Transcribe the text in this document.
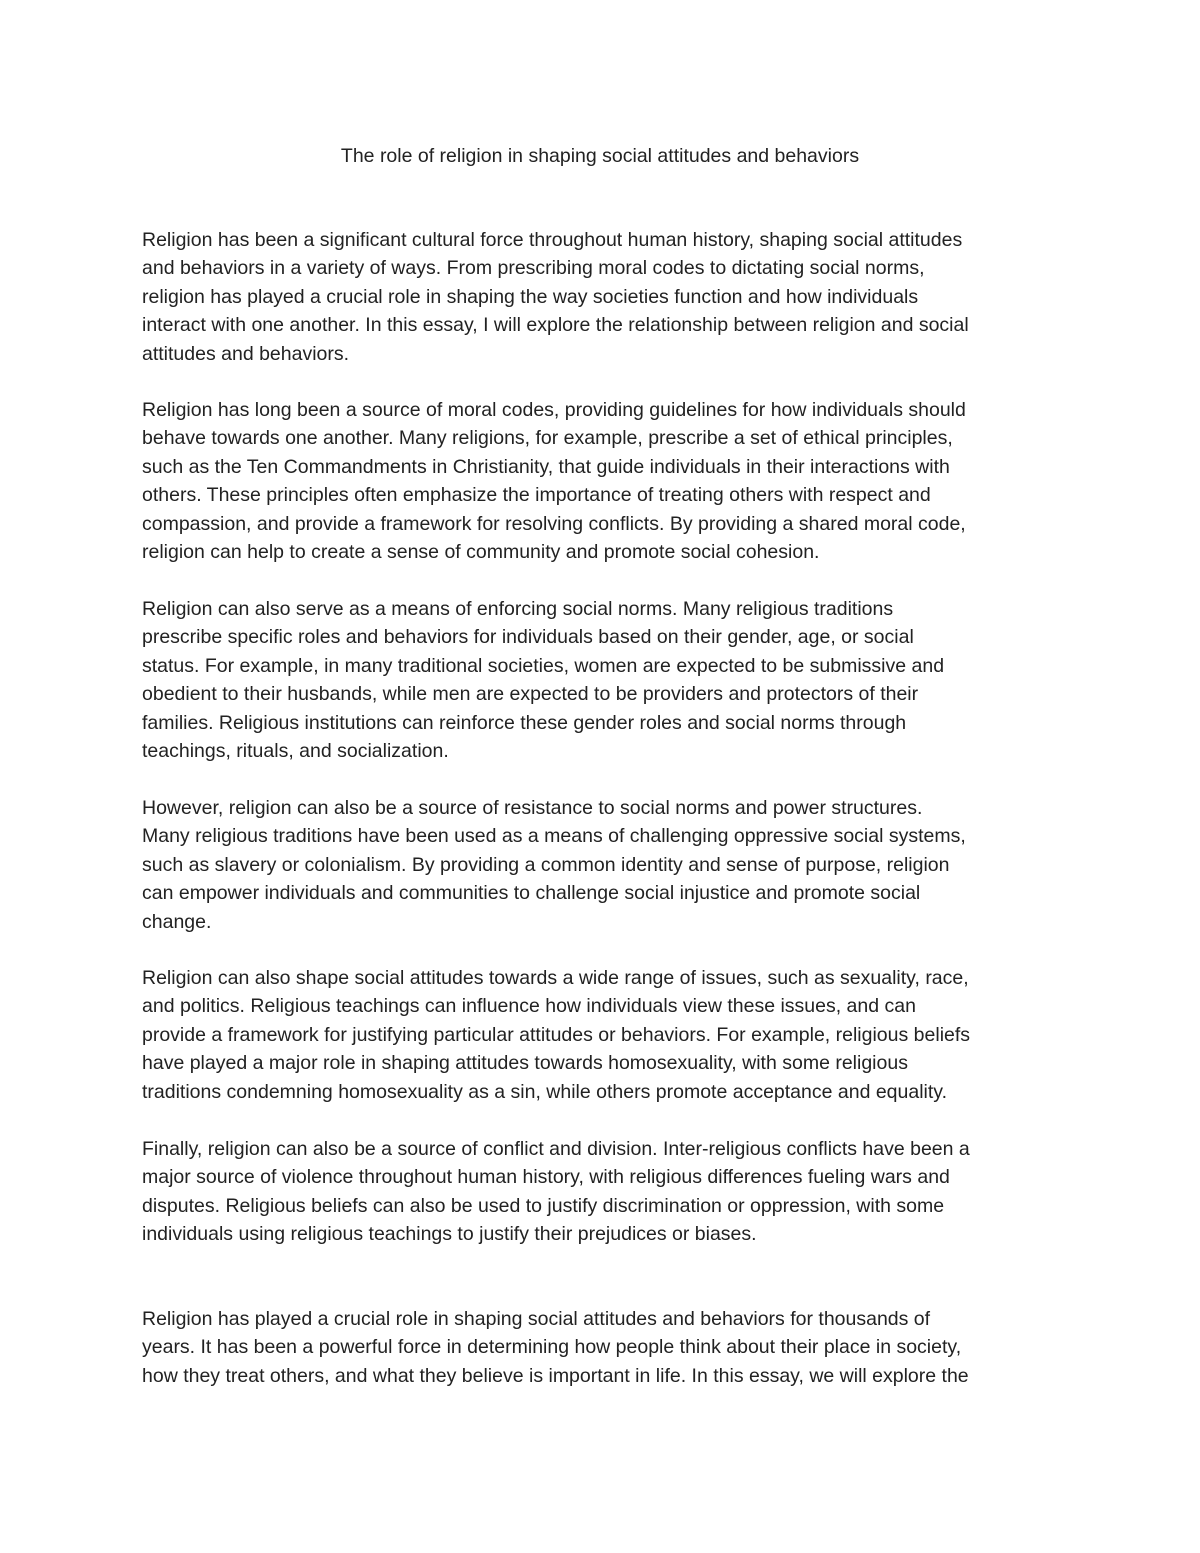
The role of religion in shaping social attitudes and behaviors

Religion has been a significant cultural force throughout human history, shaping social attitudes
and behaviors in a variety of ways. From prescribing moral codes to dictating social norms,
religion has played a crucial role in shaping the way societies function and how individuals
interact with one another. In this essay, I will explore the relationship between religion and social
attitudes and behaviors.

Religion has long been a source of moral codes, providing guidelines for how individuals should
behave towards one another. Many religions, for example, prescribe a set of ethical principles,
such as the Ten Commandments in Christianity, that guide individuals in their interactions with
others. These principles often emphasize the importance of treating others with respect and
compassion, and provide a framework for resolving conflicts. By providing a shared moral code,
religion can help to create a sense of community and promote social cohesion.

Religion can also serve as a means of enforcing social norms. Many religious traditions
prescribe specific roles and behaviors for individuals based on their gender, age, or social
status. For example, in many traditional societies, women are expected to be submissive and
obedient to their husbands, while men are expected to be providers and protectors of their
families. Religious institutions can reinforce these gender roles and social norms through
teachings, rituals, and socialization.

However, religion can also be a source of resistance to social norms and power structures.
Many religious traditions have been used as a means of challenging oppressive social systems,
such as slavery or colonialism. By providing a common identity and sense of purpose, religion
can empower individuals and communities to challenge social injustice and promote social
change.

Religion can also shape social attitudes towards a wide range of issues, such as sexuality, race,
and politics. Religious teachings can influence how individuals view these issues, and can
provide a framework for justifying particular attitudes or behaviors. For example, religious beliefs
have played a major role in shaping attitudes towards homosexuality, with some religious
traditions condemning homosexuality as a sin, while others promote acceptance and equality.

Finally, religion can also be a source of conflict and division. Inter-religious conflicts have been a
major source of violence throughout human history, with religious differences fueling wars and
disputes. Religious beliefs can also be used to justify discrimination or oppression, with some
individuals using religious teachings to justify their prejudices or biases.

Religion has played a crucial role in shaping social attitudes and behaviors for thousands of
years. It has been a powerful force in determining how people think about their place in society,
how they treat others, and what they believe is important in life. In this essay, we will explore the
